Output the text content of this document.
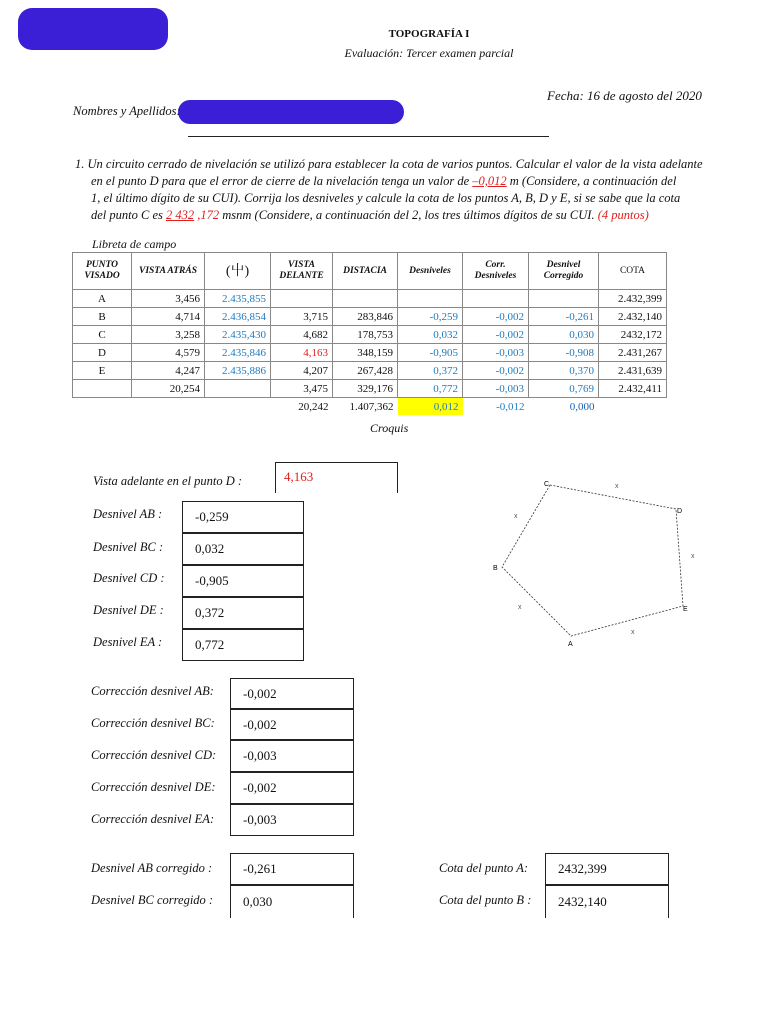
TOPOGRAFÍA I
Evaluación: Tercer examen parcial
Fecha: 16 de agosto del 2020
Nombres y Apellidos:
1. Un circuito cerrado de nivelación se utilizó para establecer la cota de varios puntos. Calcular el valor de la vista adelante
en el punto D para que el error de cierre de la nivelación tenga un valor de –0,012 m (Considere, a continuación del
1, el último dígito de su CUI). Corrija los desniveles y calcule la cota de los puntos A, B, D y E, si se sabe que la cota
del punto C es 2 432 ,172 msnm (Considere, a continuación del 2, los tres últimos dígitos de su CUI. (4 puntos)
Libreta de campo
PUNTO VISADO	VISTA ATRÁS	(⼬)	VISTA DELANTE	DISTACIA	Desniveles	Corr. Desniveles	Desnivel Corregido	COTA
A	3,456	2.435,855						2.432,399
B	4,714	2.436,854	3,715	283,846	-0,259	-0,002	-0,261	2.432,140
C	3,258	2.435,430	4,682	178,753	0,032	-0,002	0,030	2432,172
D	4,579	2.435,846	4,163	348,159	-0,905	-0,003	-0,908	2.431,267
E	4,247	2.435,886	4,207	267,428	0,372	-0,002	0,370	2.431,639
	20,254		3,475	329,176	0,772	-0,003	0,769	2.432,411
			20,242	1.407,362	0,012	-0,012	0,000	
Croquis
C
D
E
A
B
x
x
x
x
x
Vista adelante en el punto D :	4,163
Desnivel AB :	-0,259
Desnivel BC :	0,032
Desnivel CD :	-0,905
Desnivel DE :	0,372
Desnivel EA :	0,772
Corrección desnivel AB:	-0,002
Corrección desnivel BC:	-0,002
Corrección desnivel CD:	-0,003
Corrección desnivel DE:	-0,002
Corrección desnivel EA:	-0,003
Desnivel AB corregido :	-0,261
Desnivel BC corregido :	0,030
Cota del punto A:	2432,399
Cota del punto B :	2432,140
